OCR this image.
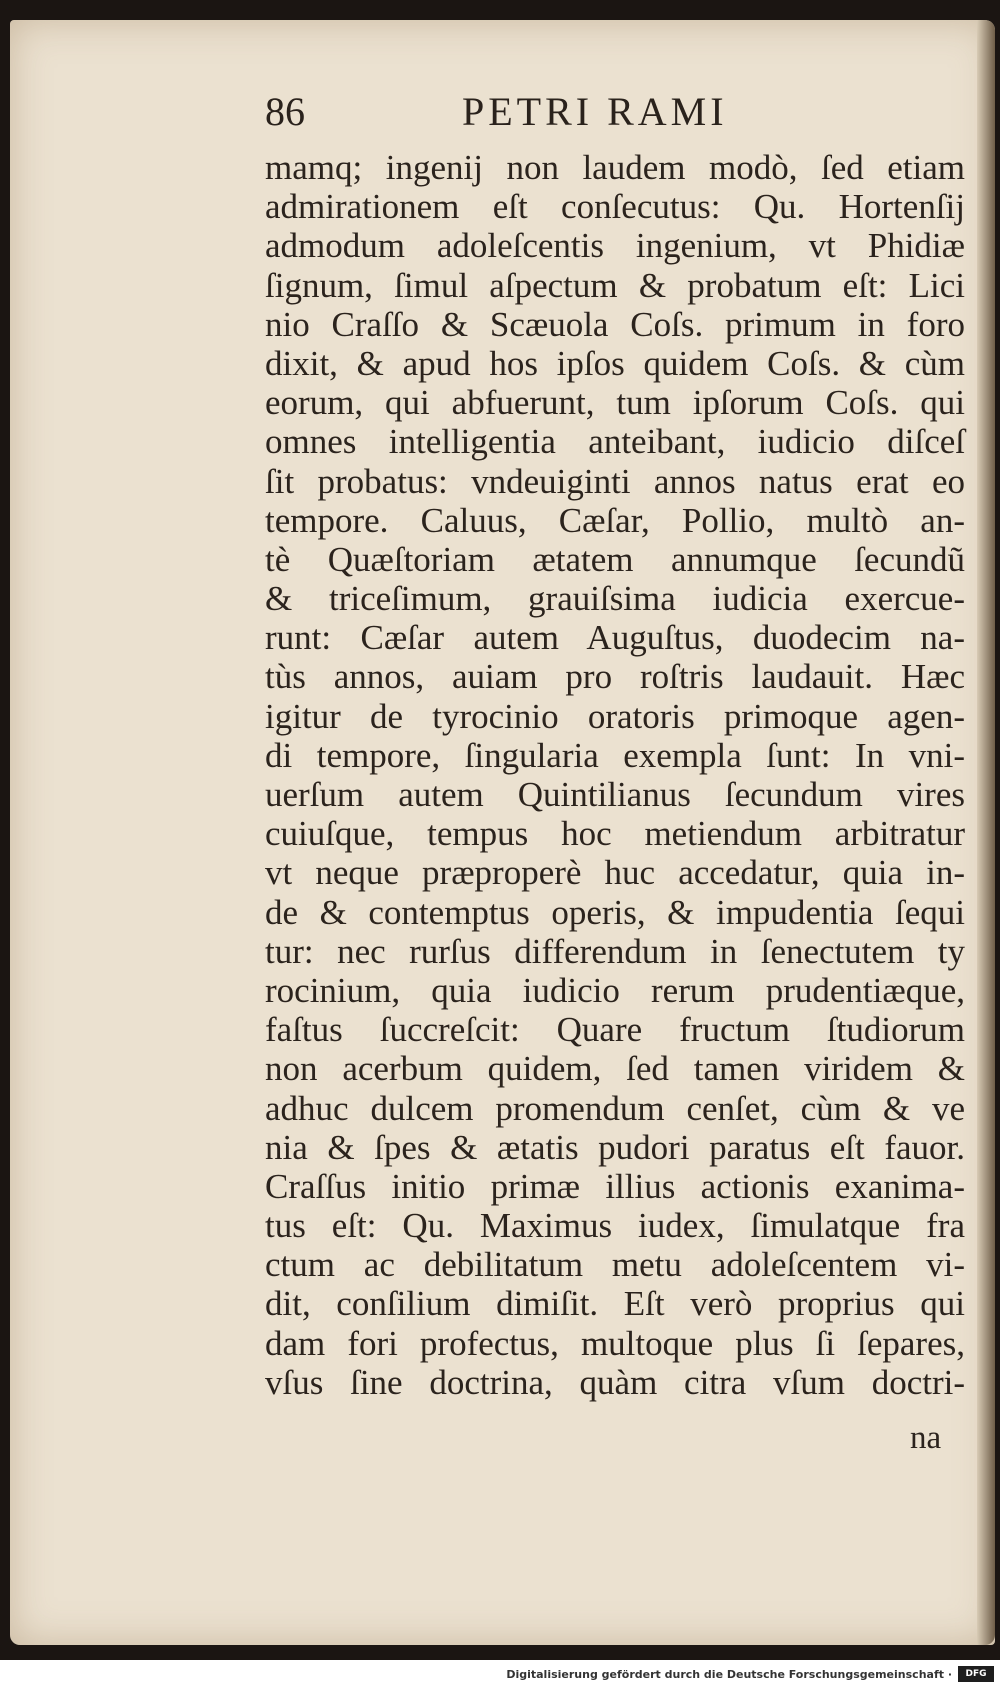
86	PETRI RAMI
mamq; ingenij non laudem modò, ſed etiam
admirationem eſt conſecutus: Qu. Hortenſij
admodum adoleſcentis ingenium, vt Phidiæ
ſignum, ſimul aſpectum & probatum eſt: Lici
nio Craſſo & Scæuola Coſs. primum in foro
dixit, & apud hos ipſos quidem Coſs. & cùm
eorum, qui abfuerunt, tum ipſorum Coſs. qui
omnes intelligentia anteibant, iudicio diſceſ
ſit probatus: vndeuiginti annos natus erat eo
tempore. Caluus, Cæſar, Pollio, multò an-
tè Quæſtoriam ætatem annumque ſecundũ
& triceſimum, grauiſsima iudicia exercue-
runt: Cæſar autem Auguſtus, duodecim na-
tùs annos, auiam pro roſtris laudauit. Hæc
igitur de tyrocinio oratoris primoque agen-
di tempore, ſingularia exempla ſunt: In vni-
uerſum autem Quintilianus ſecundum vires
cuiuſque, tempus hoc metiendum arbitratur
vt neque præproperè huc accedatur, quia in-
de & contemptus operis, & impudentia ſequi
tur: nec rurſus differendum in ſenectutem ty
rocinium, quia iudicio rerum prudentiæque,
faſtus ſuccreſcit: Quare fructum ſtudiorum
non acerbum quidem, ſed tamen viridem &
adhuc dulcem promendum cenſet, cùm & ve
nia & ſpes & ætatis pudori paratus eſt fauor.
Craſſus initio primæ illius actionis exanima-
tus eſt: Qu. Maximus iudex, ſimulatque fra
ctum ac debilitatum metu adoleſcentem vi-
dit, conſilium dimiſit. Eſt verò proprius qui
dam fori profectus, multoque plus ſi ſepares,
vſus ſine doctrina, quàm citra vſum doctri-
na
Digitalisierung gefördert durch die Deutsche Forschungsgemeinschaft ·	DFG
